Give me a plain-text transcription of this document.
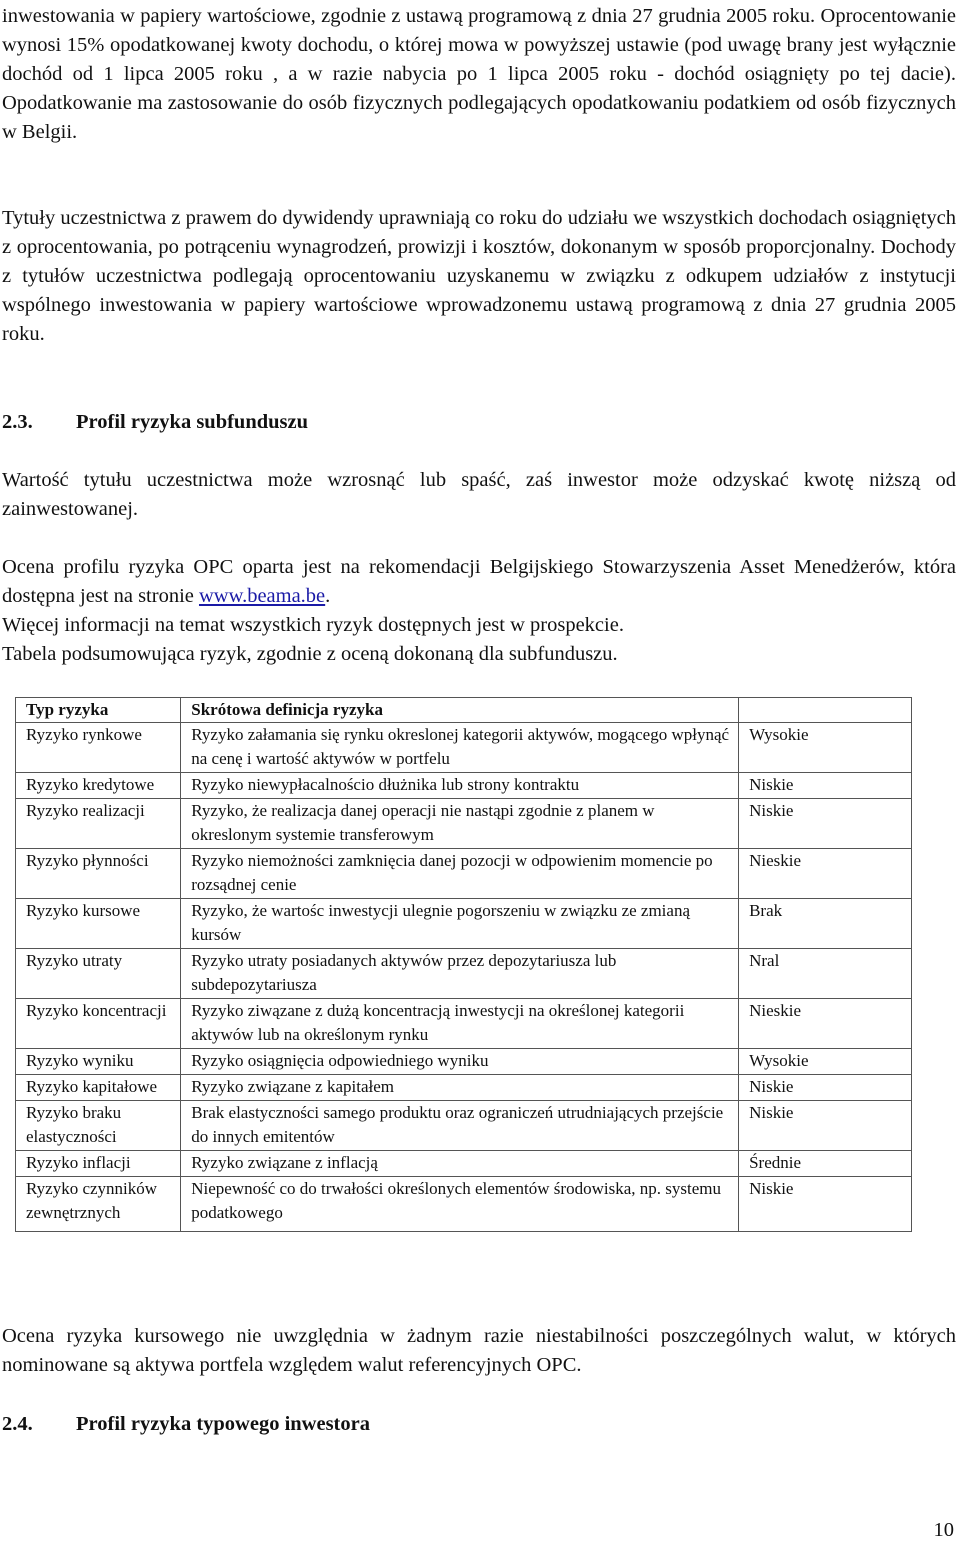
inwestowania w papiery wartościowe, zgodnie z ustawą programową z dnia 27 grudnia 2005 roku. Oprocentowanie wynosi 15% opodatkowanej kwoty dochodu, o której mowa w powyższej ustawie (pod uwagę brany jest wyłącznie dochód od 1 lipca 2005 roku , a w razie nabycia po 1 lipca 2005 roku - dochód osiągnięty po tej dacie). Opodatkowanie ma zastosowanie do osób fizycznych podlegających opodatkowaniu podatkiem od osób fizycznych w Belgii.

Tytuły uczestnictwa z prawem do dywidendy uprawniają co roku do udziału we wszystkich dochodach osiągniętych z oprocentowania, po potrąceniu wynagrodzeń, prowizji i kosztów, dokonanym w sposób proporcjonalny. Dochody z tytułów uczestnictwa podlegają oprocentowaniu uzyskanemu w związku z odkupem udziałów z instytucji wspólnego inwestowania w papiery wartościowe wprowadzonemu ustawą programową z dnia 27 grudnia 2005 roku.

2.3. Profil ryzyka subfunduszu

Wartość tytułu uczestnictwa może wzrosnąć lub spaść, zaś inwestor może odzyskać kwotę niższą od zainwestowanej.

Ocena profilu ryzyka OPC oparta jest na rekomendacji Belgijskiego Stowarzyszenia Asset Menedżerów, która dostępna jest na stronie www.beama.be.

Więcej informacji na temat wszystkich ryzyk dostępnych jest w prospekcie.

Tabela podsumowująca ryzyk, zgodnie z oceną dokonaną dla subfunduszu.

Typ ryzyka	Skrótowa definicja ryzyka	
Ryzyko rynkowe	Ryzyko załamania się rynku okreslonej kategorii aktywów, mogącego wpłynąć na cenę i wartość aktywów w portfelu	Wysokie
Ryzyko kredytowe	Ryzyko niewypłacalnościo dłużnika lub strony kontraktu	Niskie
Ryzyko realizacji	Ryzyko, że realizacja danej operacji nie nastąpi zgodnie z planem w okreslonym systemie transferowym	Niskie
Ryzyko płynności	Ryzyko niemożności zamknięcia danej pozocji w odpowienim momencie po rozsądnej cenie	Nieskie
Ryzyko kursowe	Ryzyko, że wartośc inwestycji ulegnie pogorszeniu w związku ze zmianą kursów	Brak
Ryzyko utraty	Ryzyko utraty posiadanych aktywów przez depozytariusza lub subdepozytariusza	Nral
Ryzyko koncentracji	Ryzyko ziwązane z dużą koncentracją inwestycji na określonej kategorii aktywów lub na określonym rynku	Nieskie
Ryzyko wyniku	Ryzyko osiągnięcia odpowiedniego wyniku	Wysokie
Ryzyko kapitałowe	Ryzyko związane z kapitałem	Niskie
Ryzyko braku elastyczności	Brak elastyczności samego produktu oraz ograniczeń utrudniających przejście do innych emitentów	Niskie
Ryzyko inflacji	Ryzyko związane z inflacją	Średnie
Ryzyko czynników zewnętrznych	Niepewność co do trwałości określonych elementów środowiska, np. systemu podatkowego	Niskie

Ocena ryzyka kursowego nie uwzględnia w żadnym razie niestabilności poszczególnych walut, w których nominowane są aktywa portfela względem walut referencyjnych OPC.

2.4. Profil ryzyka typowego inwestora
10
